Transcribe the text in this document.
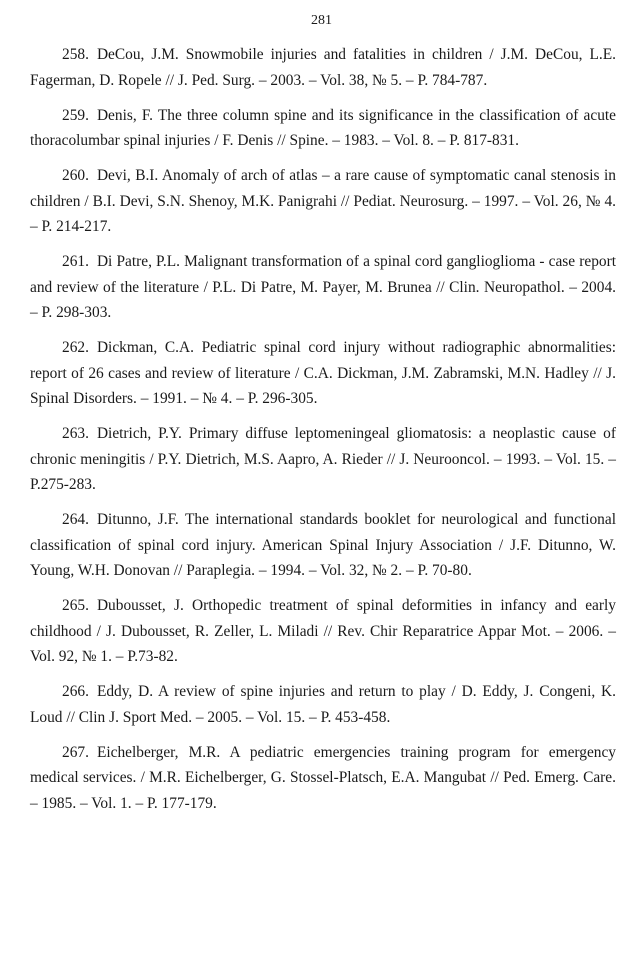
281

258. DeCou, J.M. Snowmobile injuries and fatalities in children / J.M. DeCou, L.E. Fagerman, D. Ropele // J. Ped. Surg. – 2003. – Vol. 38, № 5. – P. 784-787.

259. Denis, F. The three column spine and its significance in the classification of acute thoracolumbar spinal injuries / F. Denis // Spine. – 1983. – Vol. 8. – P. 817-831.

260. Devi, B.I. Anomaly of arch of atlas – a rare cause of symptomatic canal stenosis in children / B.I. Devi, S.N. Shenoy, M.K. Panigrahi // Pediat. Neurosurg. – 1997. – Vol. 26, № 4. – P. 214-217.

261. Di Patre, P.L. Malignant transformation of a spinal cord ganglioglioma - case report and review of the literature / P.L. Di Patre, M. Payer, M. Brunea // Clin. Neuropathol. – 2004. – P. 298-303.

262. Dickman, C.A. Pediatric spinal cord injury without radiographic abnormalities: report of 26 cases and review of literature / C.A. Dickman, J.M. Zabramski, M.N. Hadley // J. Spinal Disorders. – 1991. – № 4. – P. 296-305.

263. Dietrich, P.Y. Primary diffuse leptomeningeal gliomatosis: a neoplastic cause of chronic meningitis / P.Y. Dietrich, M.S. Aapro, A. Rieder // J. Neurooncol. – 1993. – Vol. 15. – P.275-283.

264. Ditunno, J.F. The international standards booklet for neurological and functional classification of spinal cord injury. American Spinal Injury Association / J.F. Ditunno, W. Young, W.H. Donovan // Paraplegia. – 1994. – Vol. 32, № 2. – P. 70-80.

265. Dubousset, J. Orthopedic treatment of spinal deformities in infancy and early childhood / J. Dubousset, R. Zeller, L. Miladi // Rev. Chir Reparatrice Appar Mot. – 2006. – Vol. 92, № 1. – P.73-82.

266. Eddy, D. A review of spine injuries and return to play / D. Eddy, J. Congeni, K. Loud // Clin J. Sport Med. – 2005. – Vol. 15. – P. 453-458.

267. Eichelberger, M.R. A pediatric emergencies training program for emergency medical services. / M.R. Eichelberger, G. Stossel-Platsch, E.A. Mangubat // Ped. Emerg. Care. – 1985. – Vol. 1. – P. 177-179.
